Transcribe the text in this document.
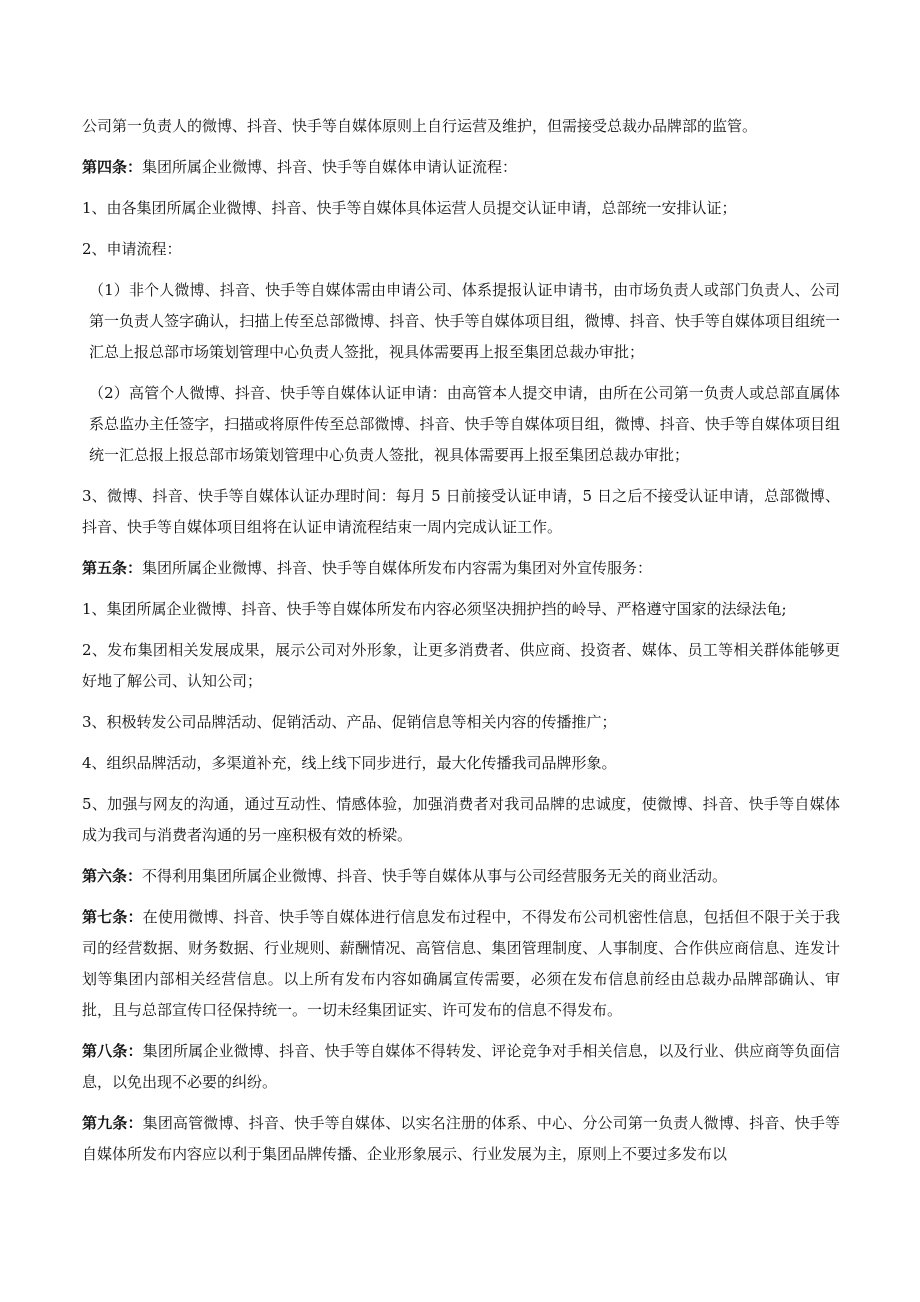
公司第一负责人的微博、抖音、快手等自媒体原则上自行运营及维护，但需接受总裁办品牌部的监管。

第四条：集团所属企业微博、抖音、快手等自媒体申请认证流程：

1、由各集团所属企业微博、抖音、快手等自媒体具体运营人员提交认证申请，总部统一安排认证；

2、申请流程：

（1）非个人微博、抖音、快手等自媒体需由申请公司、体系提报认证申请书，由市场负责人或部门负责人、公司第一负责人签字确认，扫描上传至总部微博、抖音、快手等自媒体项目组，微博、抖音、快手等自媒体项目组统一汇总上报总部市场策划管理中心负责人签批，视具体需要再上报至集团总裁办审批；

（2）高管个人微博、抖音、快手等自媒体认证申请：由高管本人提交申请，由所在公司第一负责人或总部直属体系总监办主任签字，扫描或将原件传至总部微博、抖音、快手等自媒体项目组，微博、抖音、快手等自媒体项目组统一汇总报上报总部市场策划管理中心负责人签批，视具体需要再上报至集团总裁办审批；

3、微博、抖音、快手等自媒体认证办理时间：每月 5 日前接受认证申请，5 日之后不接受认证申请，总部微博、抖音、快手等自媒体项目组将在认证申请流程结束一周内完成认证工作。

第五条：集团所属企业微博、抖音、快手等自媒体所发布内容需为集团对外宣传服务：

1、集团所属企业微博、抖音、快手等自媒体所发布内容必须坚决拥护挡的岭导、严格遵守国家的法绿法龟;

2、发布集团相关发展成果，展示公司对外形象，让更多消费者、供应商、投资者、媒体、员工等相关群体能够更好地了解公司、认知公司；

3、积极转发公司品牌活动、促销活动、产品、促销信息等相关内容的传播推广；

4、组织品牌活动，多渠道补充，线上线下同步进行，最大化传播我司品牌形象。

5、加强与网友的沟通，通过互动性、情感体验，加强消费者对我司品牌的忠诚度，使微博、抖音、快手等自媒体成为我司与消费者沟通的另一座积极有效的桥梁。

第六条：不得利用集团所属企业微博、抖音、快手等自媒体从事与公司经营服务无关的商业活动。

第七条：在使用微博、抖音、快手等自媒体进行信息发布过程中，不得发布公司机密性信息，包括但不限于关于我司的经营数据、财务数据、行业规则、薪酬情况、高管信息、集团管理制度、人事制度、合作供应商信息、连发计划等集团内部相关经营信息。以上所有发布内容如确属宣传需要，必须在发布信息前经由总裁办品牌部确认、审批，且与总部宣传口径保持统一。一切未经集团证实、许可发布的信息不得发布。

第八条：集团所属企业微博、抖音、快手等自媒体不得转发、评论竞争对手相关信息，以及行业、供应商等负面信息，以免出现不必要的纠纷。

第九条：集团高管微博、抖音、快手等自媒体、以实名注册的体系、中心、分公司第一负责人微博、抖音、快手等自媒体所发布内容应以利于集团品牌传播、企业形象展示、行业发展为主，原则上不要过多发布以
